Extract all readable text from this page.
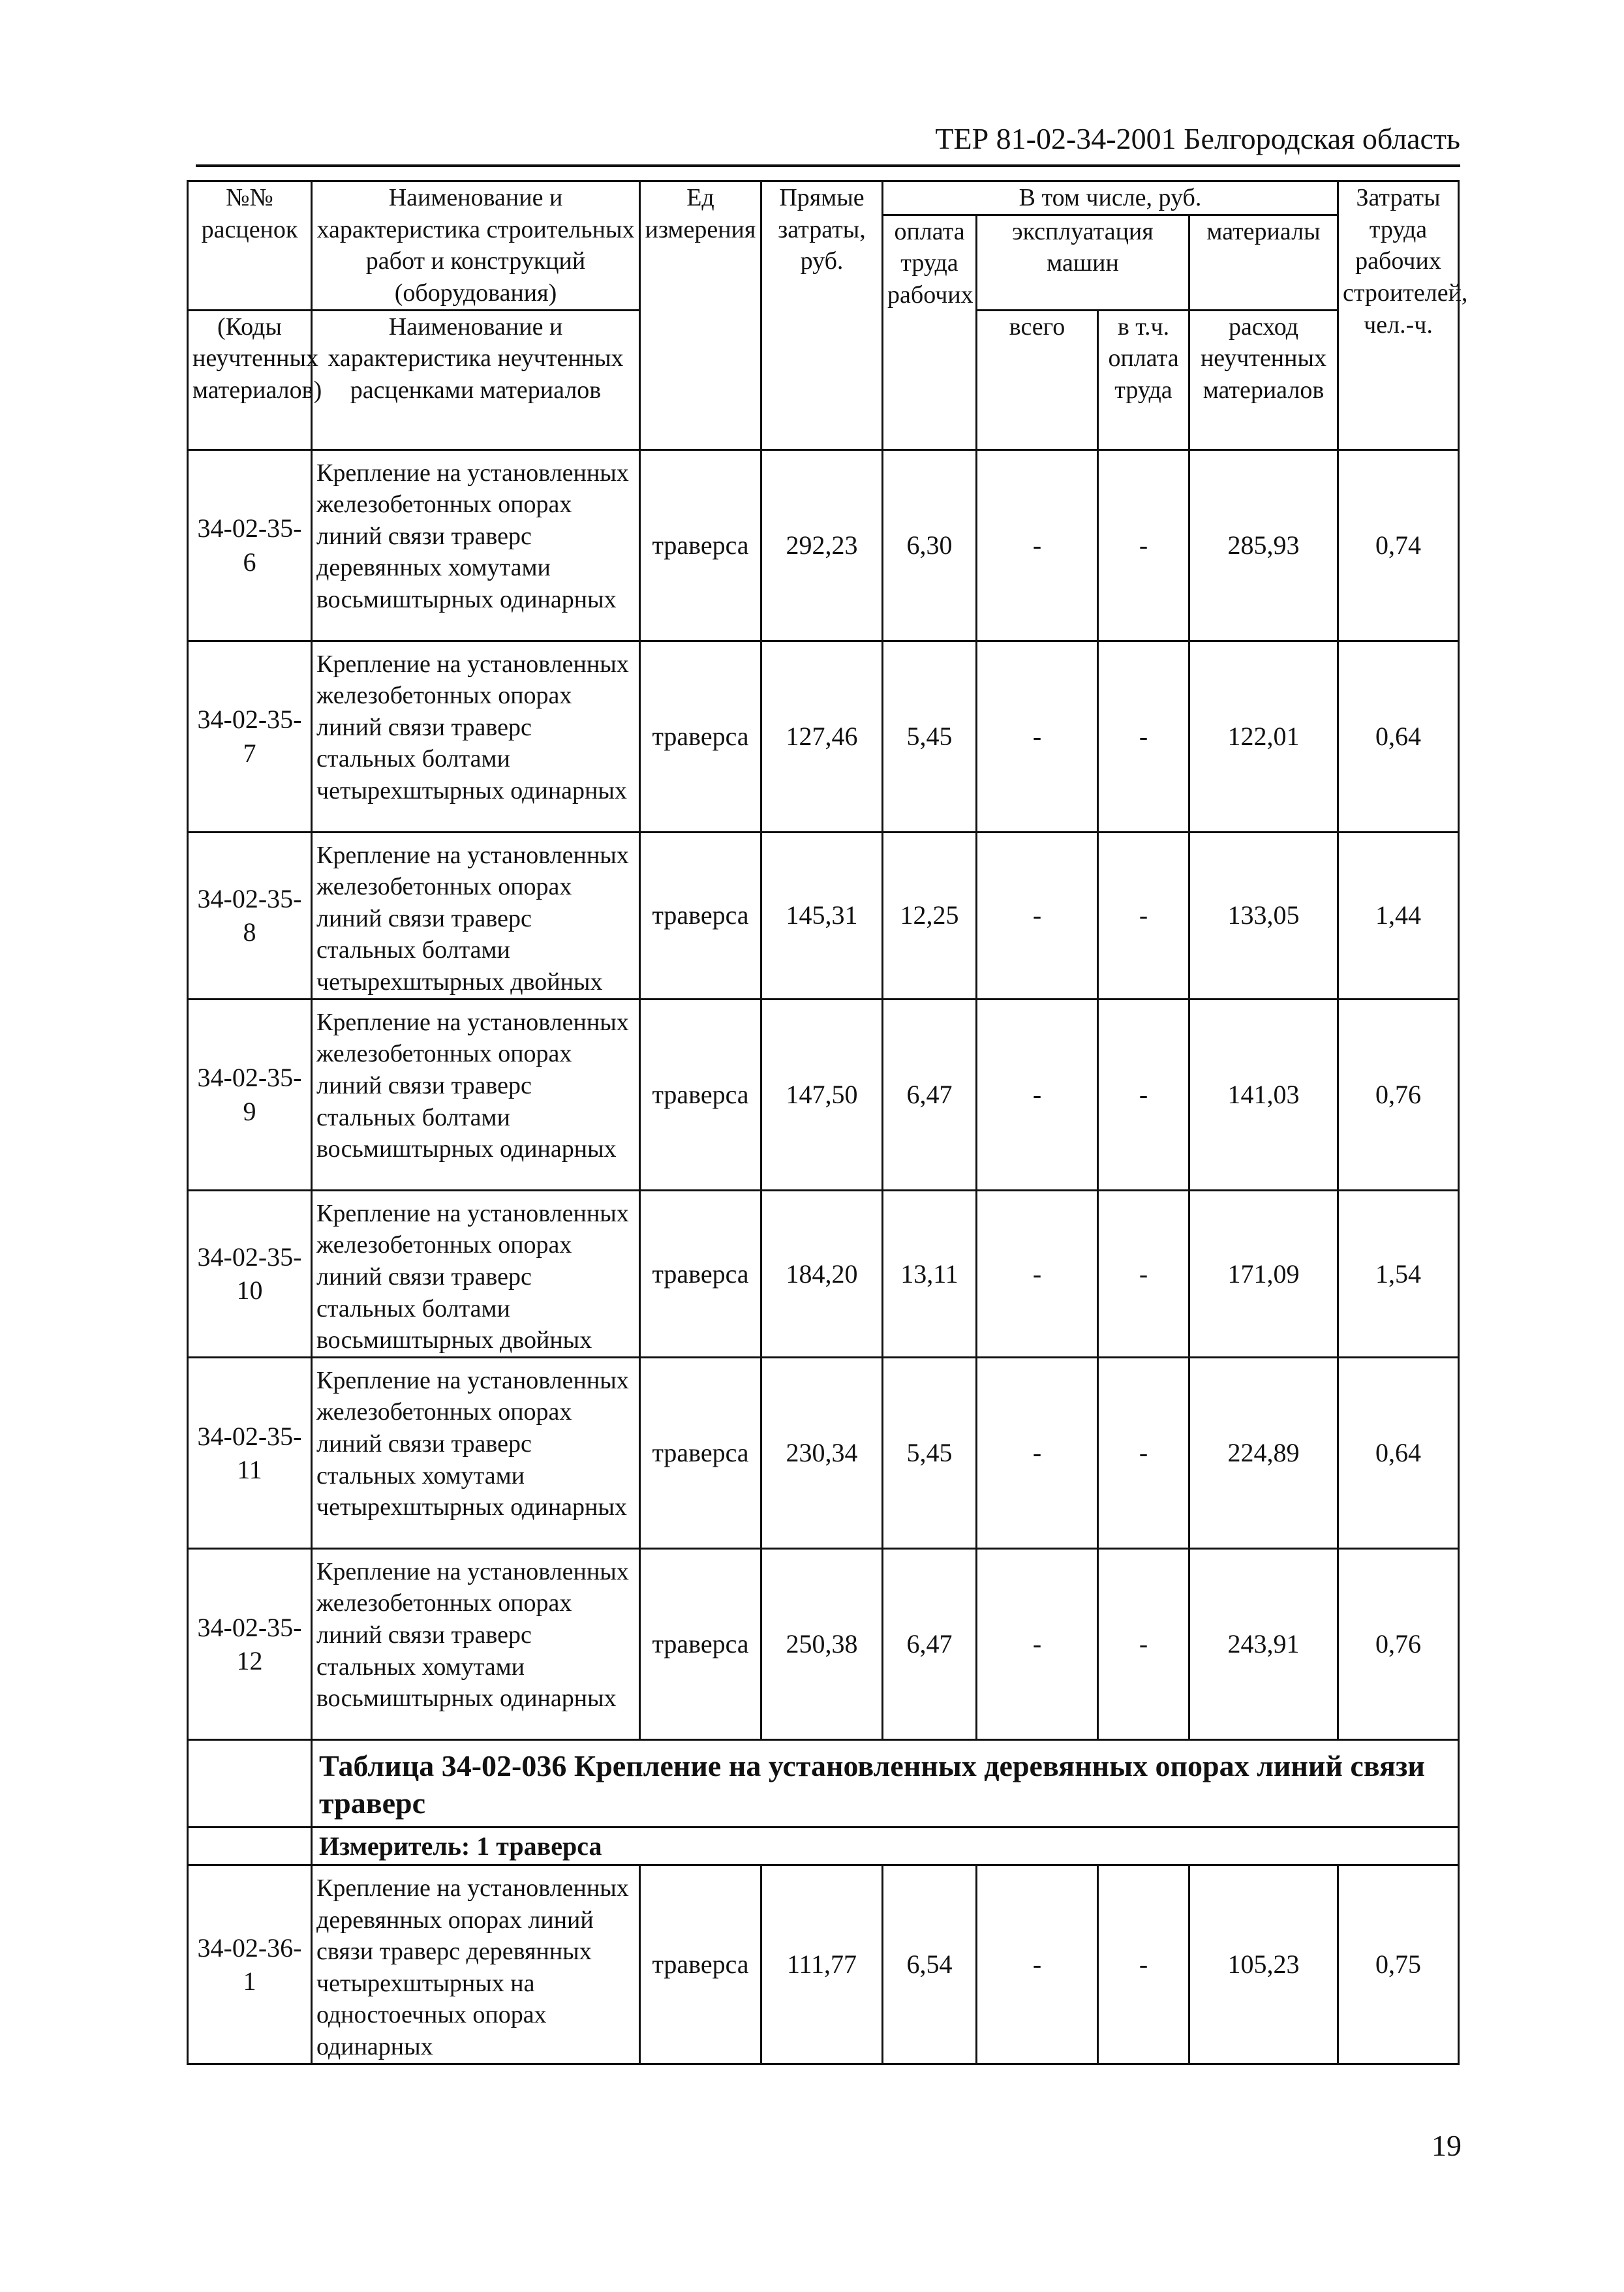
ТЕР 81-02-34-2001 Белгородская область
№№ расценок	Наименование и характеристика строительных работ и конструкций (оборудования)	Ед измерения	Прямые затраты, руб.	В том числе, руб.				Затраты труда рабочих строителей, чел.-ч.
				оплата труда рабочих	эксплуатация машин		материалы	
(Коды неучтенных материалов)	Наименование и характеристика неучтенных расценками материалов				всего	в т.ч. оплата труда	расход неучтенных материалов	

34-02-35-6	Крепление на установленных железобетонных опорах линий связи траверс деревянных хомутами восьмиштырных одинарных	траверса	292,23	6,30	-	-	285,93	0,74
34-02-35-7	Крепление на установленных железобетонных опорах линий связи траверс стальных болтами четырехштырных одинарных	траверса	127,46	5,45	-	-	122,01	0,64
34-02-35-8	Крепление на установленных железобетонных опорах линий связи траверс стальных болтами четырехштырных двойных	траверса	145,31	12,25	-	-	133,05	1,44
34-02-35-9	Крепление на установленных железобетонных опорах линий связи траверс стальных болтами восьмиштырных одинарных	траверса	147,50	6,47	-	-	141,03	0,76
34-02-35-10	Крепление на установленных железобетонных опорах линий связи траверс стальных болтами восьмиштырных двойных	траверса	184,20	13,11	-	-	171,09	1,54
34-02-35-11	Крепление на установленных железобетонных опорах линий связи траверс стальных хомутами четырехштырных одинарных	траверса	230,34	5,45	-	-	224,89	0,64
34-02-35-12	Крепление на установленных железобетонных опорах линий связи траверс стальных хомутами восьмиштырных одинарных	траверса	250,38	6,47	-	-	243,91	0,76
	Таблица 34-02-036 Крепление на установленных деревянных опорах линий связи траверс							
	Измеритель: 1 траверса							
34-02-36-1	Крепление на установленных деревянных опорах линий связи траверс деревянных четырехштырных на одностоечных опорах одинарных	траверса	111,77	6,54	-	-	105,23	0,75
19
